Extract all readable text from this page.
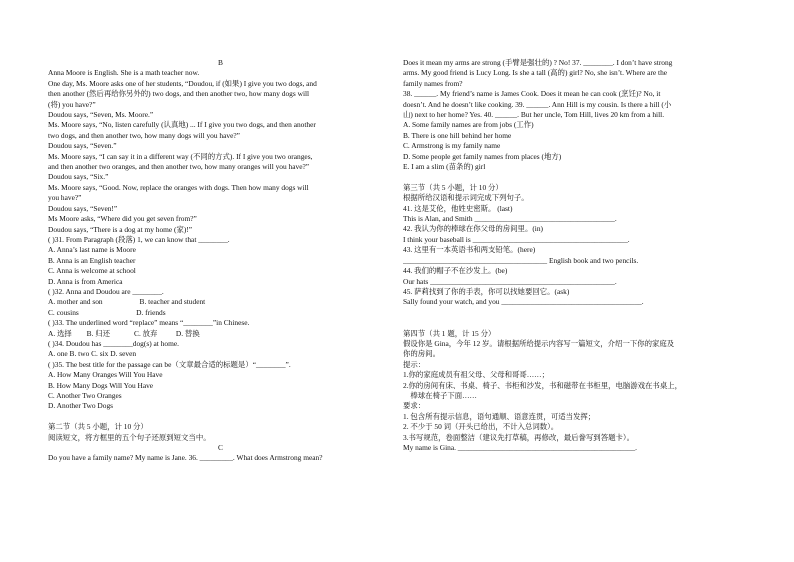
B
Anna Moore is English. She is a math teacher now.
One day, Ms. Moore asks one of her students, “Doudou, if (如果) I give you two dogs, and
then another (然后再给你另外的) two dogs, and then another two, how many dogs will
(将) you have?”
Doudou says, “Seven, Ms. Moore.”
Ms. Moore says, “No, listen carefully (认真地) ... If I give you two dogs, and then another
two dogs, and then another two, how many dogs will you have?”
Doudou says, “Seven.”
Ms. Moore says, “I can say it in a different way (不同的方式). If I give you two oranges,
and then another two oranges, and then another two, how many oranges will you have?”
Doudou says, “Six.”
Ms. Moore says, “Good. Now, replace the oranges with dogs. Then how many dogs will
you have?”
Doudou says, “Seven!”
Ms Moore asks, “Where did you get seven from?”
Doudou says, “There is a dog at my home (家)!”
( )31. From Paragraph (段落) 1, we can know that ________.
A. Anna’s last name is Moore
B. Anna is an English teacher
C. Anna is welcome at school
D. Anna is from America
( )32. Anna and Doudou are ________.
A. mother and son                    B. teacher and student
C. cousins                               D. friends
( )33. The underlined word “replace” means “________”in Chinese.
A. 选择        B. 归还             C. 放弃          D. 替换
( )34. Doudou has ________dog(s) at home.
A. one B. two C. six D. seven
( )35. The best title for the passage can be（文章最合适的标题是）“________”.
A. How Many Oranges Will You Have
B. How Many Dogs Will You Have
C. Another Two Oranges
D. Another Two Dogs
第二节（共 5 小题，计 10 分）
阅读短文，将方框里的五个句子还原到短文当中。
C
Do you have a family name? My name is Jane. 36. _________. What does Armstrong mean?
Does it mean my arms are strong (手臂是强壮的) ? No! 37. ________. I don’t have strong
arms. My good friend is Lucy Long. Is she a tall (高的) girl? No, she isn’t. Where are the
family names from?
38. ______. My friend’s name is James Cook. Does it mean he can cook (烹饪)? No, it
doesn’t. And he doesn’t like cooking. 39. ______. Ann Hill is my cousin. Is there a hill (小
山) next to her home? Yes. 40. ______. But her uncle, Tom Hill, lives 20 km from a hill.
A. Some family names are from jobs (工作)
B. There is one hill behind her home
C. Armstrong is my family name
D. Some people get family names from places (地方)
E. I am a slim (苗条的) girl
第三节（共 5 小题，计 10 分）
根据所给汉语和提示词完成下列句子。
41. 这是艾伦，他姓史密斯。 (last)
This is Alan, and Smith ______________________________________.
42. 我认为你的棒球在你父母的房间里。(in)
I think your baseball is __________________________________________.
43. 这里有一本英语书和两支铅笔。(here)
_______________________________________ English book and two pencils.
44. 我们的帽子不在沙发上。(be)
Our hats __________________________________________________.
45. 萨莉找到了你的手表，你可以找她要回它。(ask)
Sally found your watch, and you ______________________________________.
第四节（共 1 题，计 15 分）
假设你是 Gina，今年 12 岁。请根据所给提示内容写一篇短文，介绍一下你的家庭及
你的房间。
提示：
1.你的家庭成员有祖父母、父母和哥哥……；
2.你的房间有床、书桌、椅子、书柜和沙发，书和磁带在书柜里，电脑游戏在书桌上，
棒球在椅子下面……
要求：
1. 包含所有提示信息，语句通顺、语意连贯，可适当发挥；
2. 不少于 50 词（开头已给出，不计入总词数）。
3.书写规范，卷面整洁（建议先打草稿，再修改，最后誊写到答题卡）。
My name is Gina. ________________________________________________.
